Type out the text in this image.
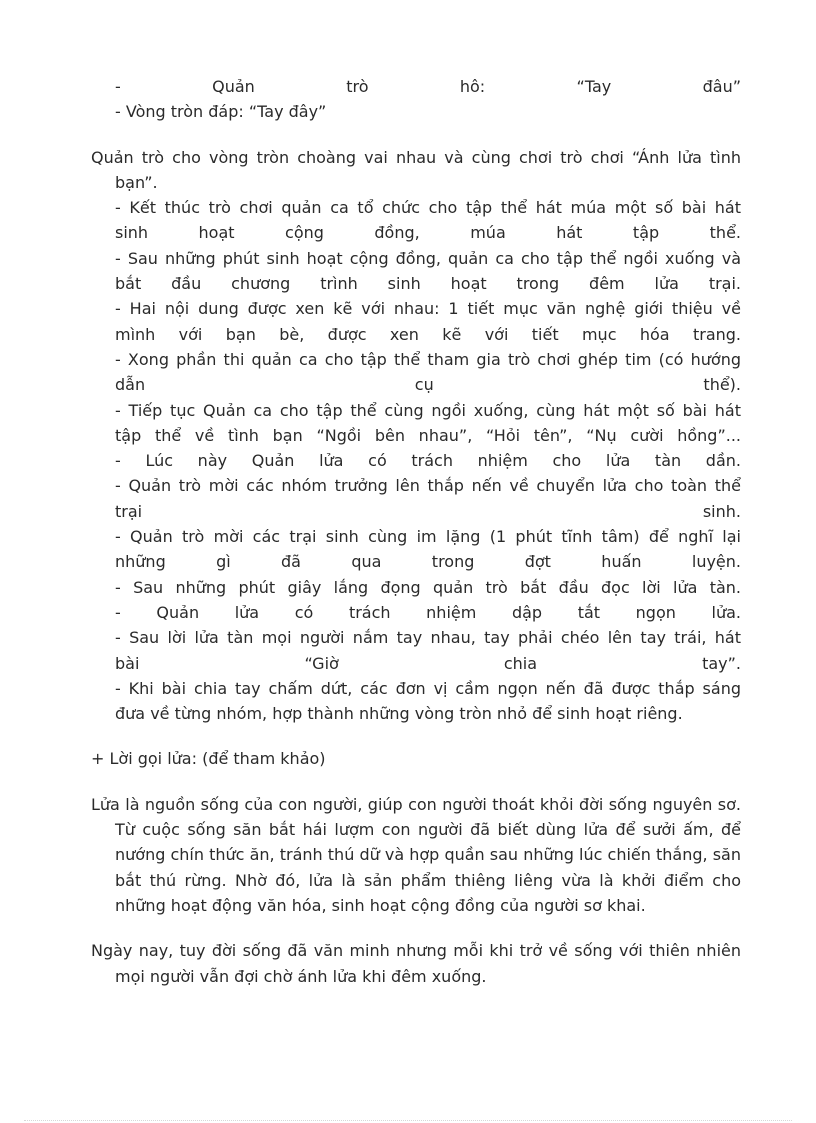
- Quản trò hô: “Tay đâu”

- Vòng tròn đáp: “Tay đây”

Quản trò cho vòng tròn choàng vai nhau và cùng chơi trò chơi “Ánh lửa tình bạn”.

- Kết thúc trò chơi quản ca tổ chức cho tập thể hát múa một số bài hát

sinh hoạt cộng đồng, múa hát tập thể.

- Sau những phút sinh hoạt cộng đồng, quản ca cho tập thể ngồi xuống và

bắt đầu chương trình sinh hoạt trong đêm lửa trại.

- Hai nội dung được xen kẽ với nhau: 1 tiết mục văn nghệ giới thiệu về

mình với bạn bè, được xen kẽ với tiết mục hóa trang.

- Xong phần thi quản ca cho tập thể tham gia trò chơi ghép tim (có hướng

dẫn cụ thể).

- Tiếp tục Quản ca cho tập thể cùng ngồi xuống, cùng hát một số bài hát

tập thể về tình bạn “Ngồi bên nhau”, “Hỏi tên”, “Nụ cười hồng”...

- Lúc này Quản lửa có trách nhiệm cho lửa tàn dần.

- Quản trò mời các nhóm trưởng lên thắp nến về chuyển lửa cho toàn thể

trại sinh.

- Quản trò mời các trại sinh cùng im lặng (1 phút tĩnh tâm) để nghĩ lại

những gì đã qua trong đợt huấn luyện.

- Sau những phút giây lắng đọng quản trò bắt đầu đọc lời lửa tàn.

- Quản lửa có trách nhiệm dập tắt ngọn lửa.

- Sau lời lửa tàn mọi người nắm tay nhau, tay phải chéo lên tay trái, hát

bài “Giờ chia tay”.

- Khi bài chia tay chấm dứt, các đơn vị cầm ngọn nến đã được thắp sáng

đưa về từng nhóm, hợp thành những vòng tròn nhỏ để sinh hoạt riêng.

+ Lời gọi lửa: (để tham khảo)

Lửa là nguồn sống của con người, giúp con người thoát khỏi đời sống nguyên sơ. Từ cuộc sống săn bắt hái lượm con người đã biết dùng lửa để sưởi ấm, để nướng chín thức ăn, tránh thú dữ và hợp quần sau những lúc chiến thắng, săn bắt thú rừng. Nhờ đó, lửa là sản phẩm thiêng liêng vừa là khởi điểm cho những hoạt động văn hóa, sinh hoạt cộng đồng của người sơ khai.

Ngày nay, tuy đời sống đã văn minh nhưng mỗi khi trở về sống với thiên nhiên mọi người vẫn đợi chờ ánh lửa khi đêm xuống.
